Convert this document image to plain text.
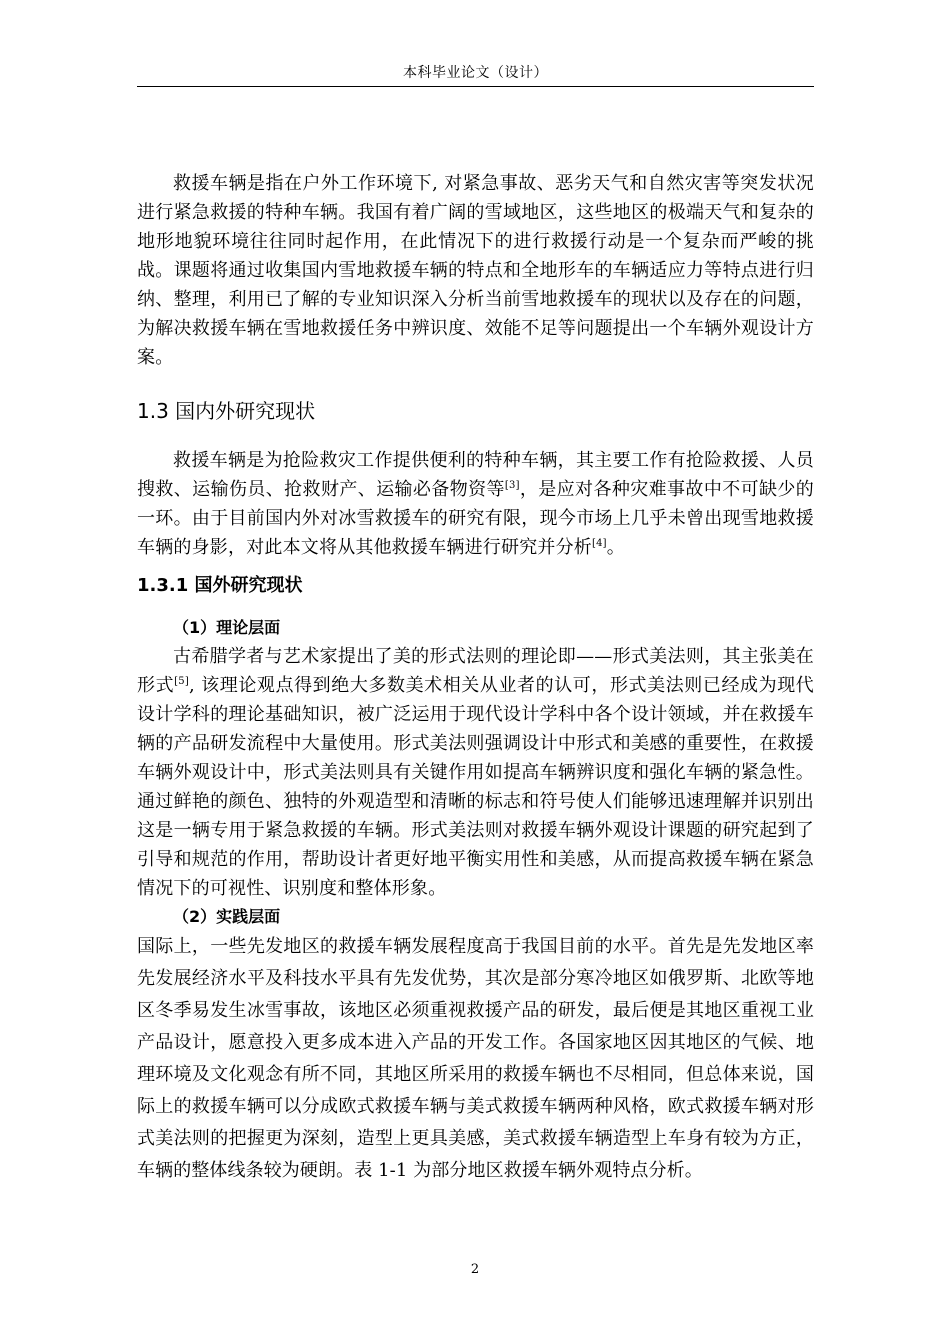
本科毕业论文（设计）

救援车辆是指在户外工作环境下, 对紧急事故、恶劣天气和自然灾害等突发状况进行紧急救援的特种车辆。我国有着广阔的雪域地区，这些地区的极端天气和复杂的地形地貌环境往往同时起作用，在此情况下的进行救援行动是一个复杂而严峻的挑战。课题将通过收集国内雪地救援车辆的特点和全地形车的车辆适应力等特点进行归纳、整理，利用已了解的专业知识深入分析当前雪地救援车的现状以及存在的问题，为解决救援车辆在雪地救援任务中辨识度、效能不足等问题提出一个车辆外观设计方案。

1.3 国内外研究现状

救援车辆是为抢险救灾工作提供便利的特种车辆，其主要工作有抢险救援、人员搜救、运输伤员、抢救财产、运输必备物资等[3]，是应对各种灾难事故中不可缺少的一环。由于目前国内外对冰雪救援车的研究有限，现今市场上几乎未曾出现雪地救援车辆的身影，对此本文将从其他救援车辆进行研究并分析[4]。

1.3.1 国外研究现状
（1）理论层面

古希腊学者与艺术家提出了美的形式法则的理论即——形式美法则，其主张美在形式[5], 该理论观点得到绝大多数美术相关从业者的认可，形式美法则已经成为现代设计学科的理论基础知识，被广泛运用于现代设计学科中各个设计领域，并在救援车辆的产品研发流程中大量使用。形式美法则强调设计中形式和美感的重要性，在救援车辆外观设计中，形式美法则具有关键作用如提高车辆辨识度和强化车辆的紧急性。通过鲜艳的颜色、独特的外观造型和清晰的标志和符号使人们能够迅速理解并识别出这是一辆专用于紧急救援的车辆。形式美法则对救援车辆外观设计课题的研究起到了引导和规范的作用，帮助设计者更好地平衡实用性和美感，从而提高救援车辆在紧急情况下的可视性、识别度和整体形象。

（2）实践层面

国际上，一些先发地区的救援车辆发展程度高于我国目前的水平。首先是先发地区率先发展经济水平及科技水平具有先发优势，其次是部分寒冷地区如俄罗斯、北欧等地区冬季易发生冰雪事故，该地区必须重视救援产品的研发，最后便是其地区重视工业产品设计，愿意投入更多成本进入产品的开发工作。各国家地区因其地区的气候、地理环境及文化观念有所不同，其地区所采用的救援车辆也不尽相同，但总体来说，国际上的救援车辆可以分成欧式救援车辆与美式救援车辆两种风格，欧式救援车辆对形式美法则的把握更为深刻，造型上更具美感，美式救援车辆造型上车身有较为方正，车辆的整体线条较为硬朗。表 1-1 为部分地区救援车辆外观特点分析。

2
